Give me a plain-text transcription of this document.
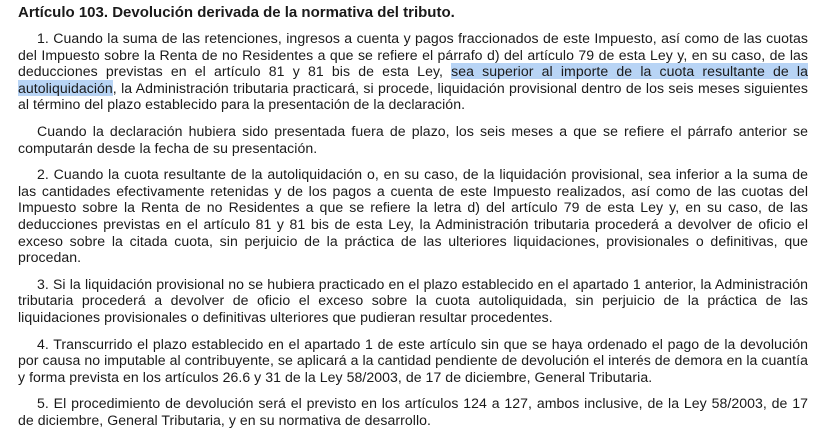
Artículo 103. Devolución derivada de la normativa del tributo.

1. Cuando la suma de las retenciones, ingresos a cuenta y pagos fraccionados de este Impuesto, así como de las cuotas del Impuesto sobre la Renta de no Residentes a que se refiere el párrafo d) del artículo 79 de esta Ley y, en su caso, de las deducciones previstas en el artículo 81 y 81 bis de esta Ley, sea superior al importe de la cuota resultante de la autoliquidación, la Administración tributaria practicará, si procede, liquidación provisional dentro de los seis meses siguientes al término del plazo establecido para la presentación de la declaración.

Cuando la declaración hubiera sido presentada fuera de plazo, los seis meses a que se refiere el párrafo anterior se computarán desde la fecha de su presentación.

2. Cuando la cuota resultante de la autoliquidación o, en su caso, de la liquidación provisional, sea inferior a la suma de las cantidades efectivamente retenidas y de los pagos a cuenta de este Impuesto realizados, así como de las cuotas del Impuesto sobre la Renta de no Residentes a que se refiere la letra d) del artículo 79 de esta Ley y, en su caso, de las deducciones previstas en el artículo 81 y 81 bis de esta Ley, la Administración tributaria procederá a devolver de oficio el exceso sobre la citada cuota, sin perjuicio de la práctica de las ulteriores liquidaciones, provisionales o definitivas, que procedan.

3. Si la liquidación provisional no se hubiera practicado en el plazo establecido en el apartado 1 anterior, la Administración tributaria procederá a devolver de oficio el exceso sobre la cuota autoliquidada, sin perjuicio de la práctica de las liquidaciones provisionales o definitivas ulteriores que pudieran resultar procedentes.

4. Transcurrido el plazo establecido en el apartado 1 de este artículo sin que se haya ordenado el pago de la devolución por causa no imputable al contribuyente, se aplicará a la cantidad pendiente de devolución el interés de demora en la cuantía y forma prevista en los artículos 26.6 y 31 de la Ley 58/2003, de 17 de diciembre, General Tributaria.

5. El procedimiento de devolución será el previsto en los artículos 124 a 127, ambos inclusive, de la Ley 58/2003, de 17 de diciembre, General Tributaria, y en su normativa de desarrollo.
